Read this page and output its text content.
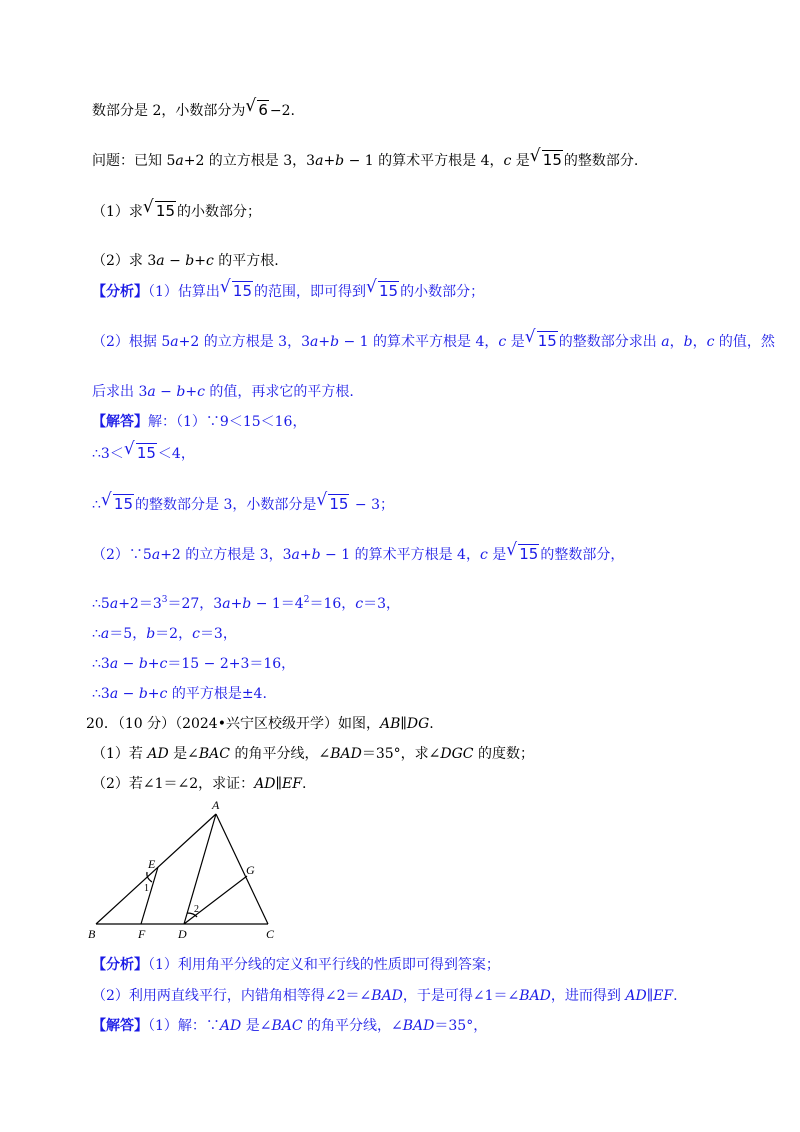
数部分是 2，小数部分为 √ 6 −2.
问题：已知 5a+2 的立方根是 3，3a+b − 1 的算术平方根是 4，c 是 √ 15 的整数部分.
（1）求 √ 15 的小数部分；
（2）求 3a − b+c 的平方根.
【分析】（1）估算出 √ 15 的范围，即可得到 √ 15 的小数部分；
（2）根据 5a+2 的立方根是 3，3a+b − 1 的算术平方根是 4，c 是 √ 15 的整数部分求出 a，b，c 的值，然
后求出 3a − b+c 的值，再求它的平方根.
【解答】解：（1）∵9＜15＜16，
∴3＜ √ 15 ＜4，
∴ √ 15 的整数部分是 3，小数部分是 √ 15 − 3；
（2）∵5a+2 的立方根是 3，3a+b − 1 的算术平方根是 4，c 是 √ 15 的整数部分，
$\therefore 5a+2=3^3=27$，$3a+b - 1=4^2=16$，c＝3，
∴a＝5，b＝2，c＝3，
∴3a − b+c＝15 − 2+3＝16，
∴3a − b+c 的平方根是±4.
20．（10 分）（2024•兴宁区校级开学）如图，AB∥DG.
（1）若 AD 是∠BAC 的角平分线，∠BAD＝35°，求∠DGC 的度数；
（2）若∠1＝∠2，求证：AD∥EF.
A
B	C
D
E
F
G
1
2
【分析】（1）利用角平分线的定义和平行线的性质即可得到答案；
（2）利用两直线平行，内错角相等得∠2＝∠BAD，于是可得∠1＝∠BAD，进而得到 AD∥EF.
【解答】（1）解：∵AD 是∠BAC 的角平分线，∠BAD＝35°，
